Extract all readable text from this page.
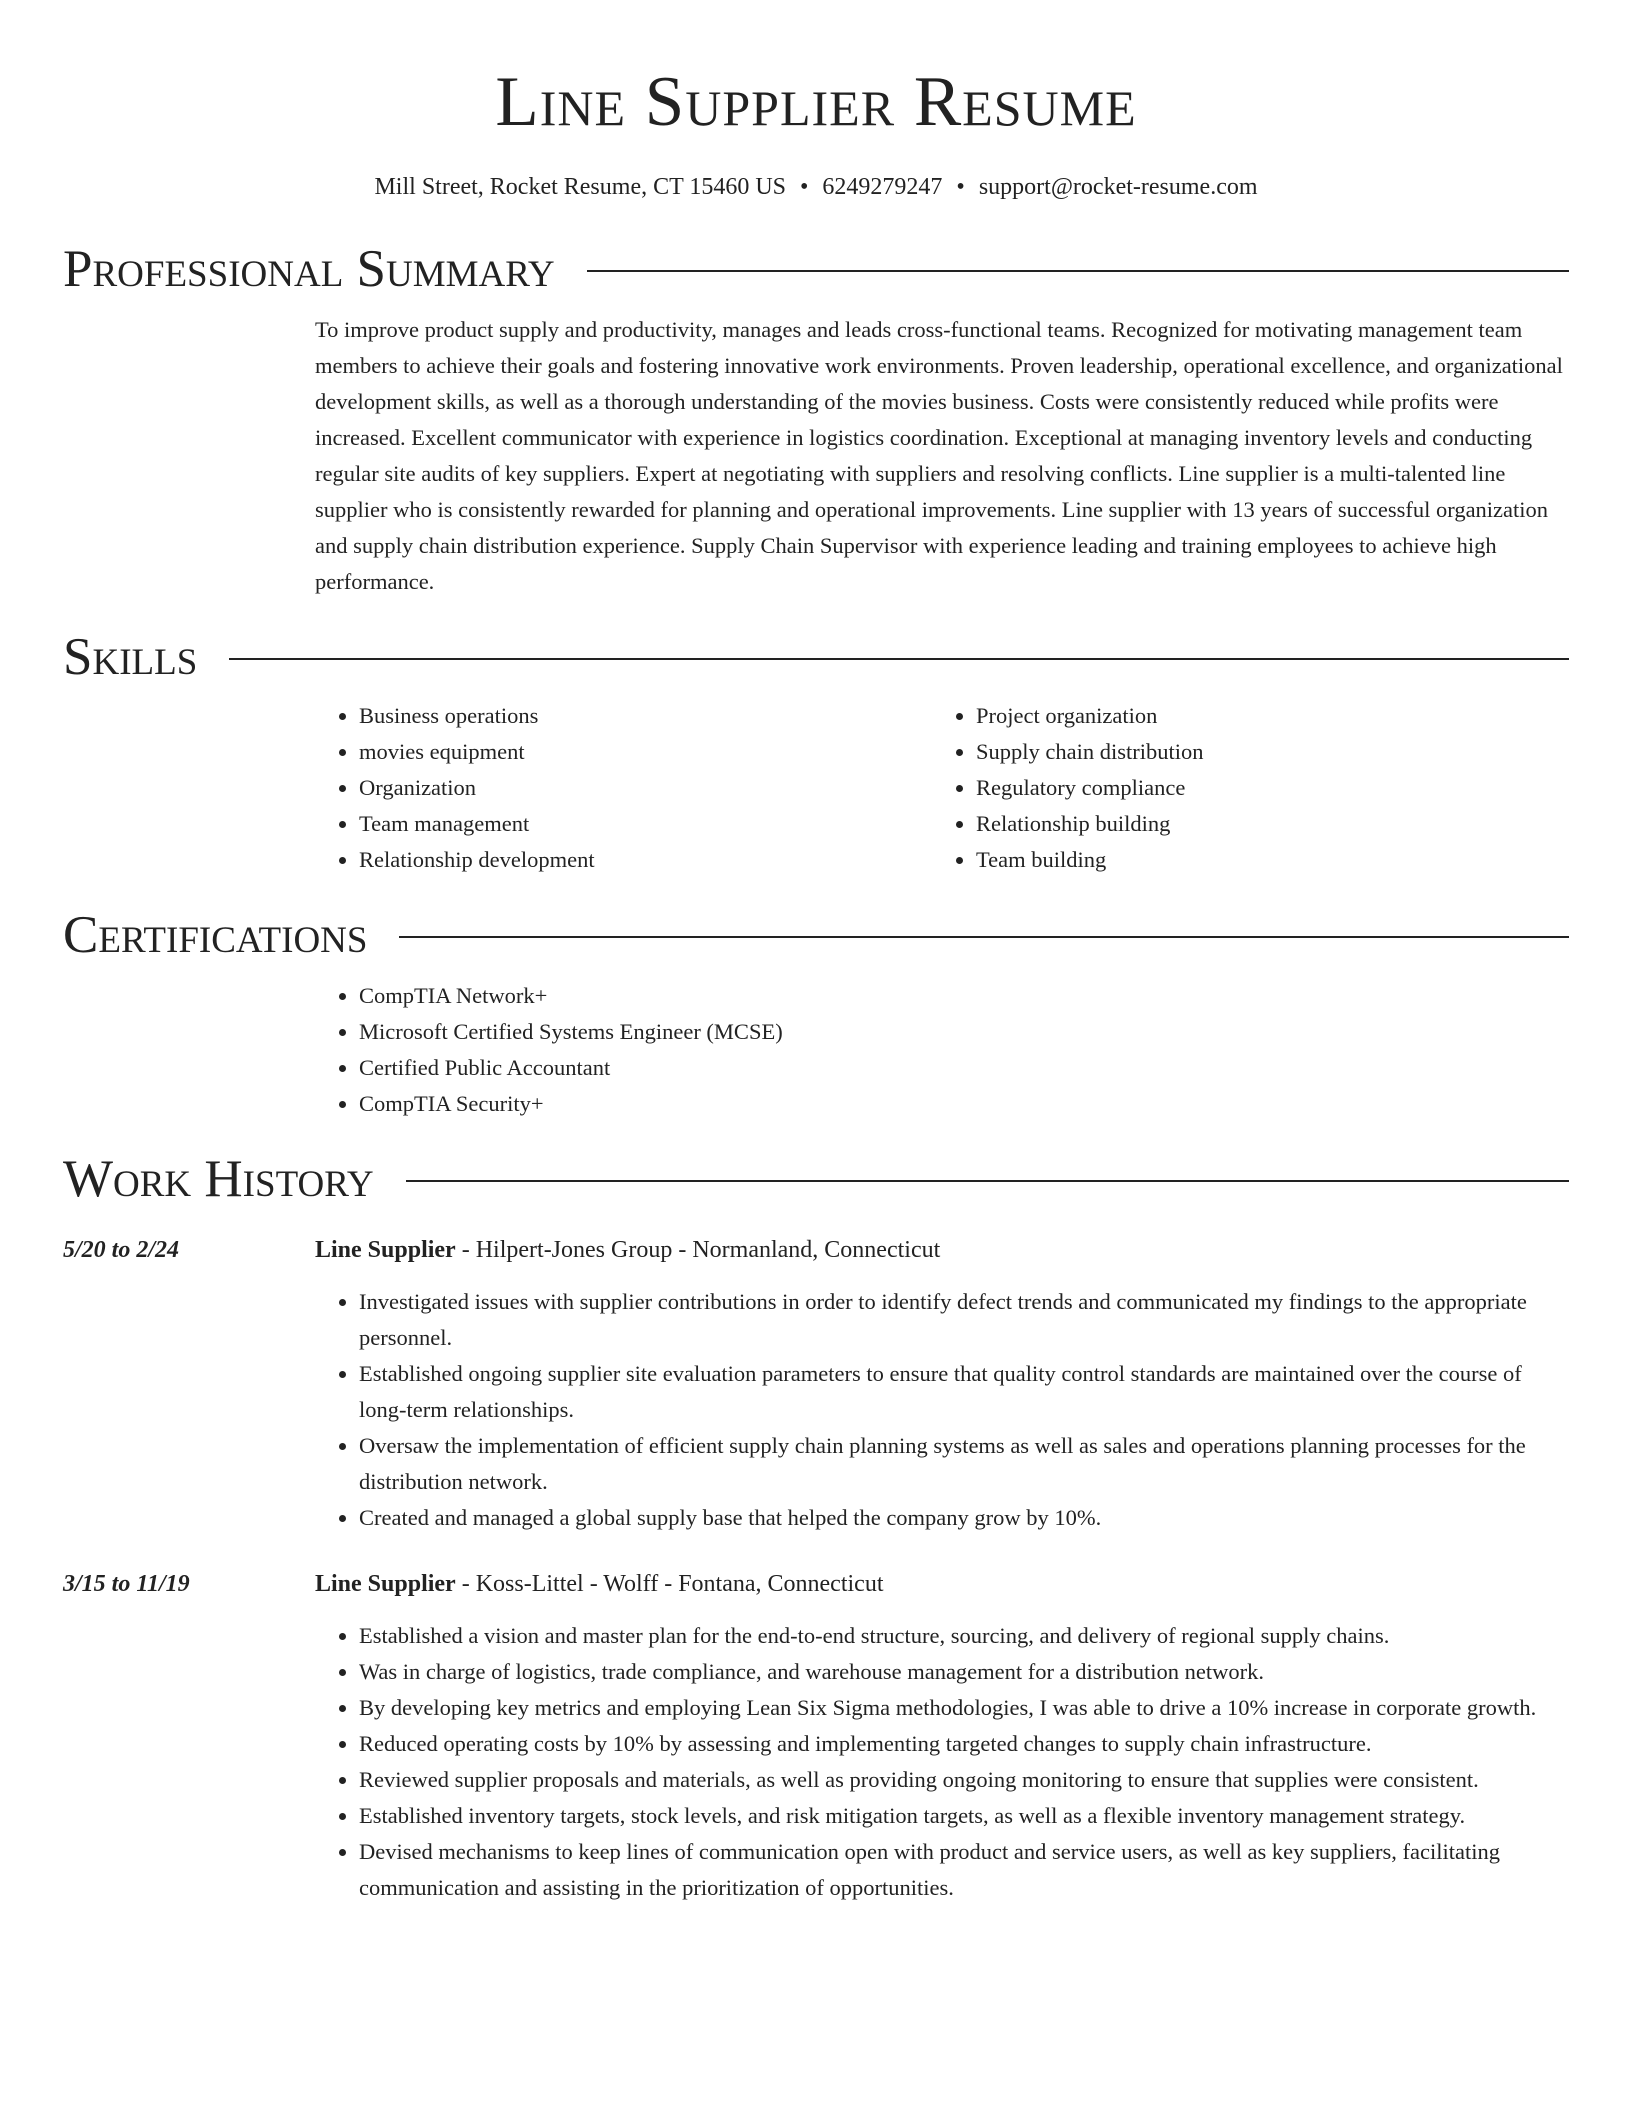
Line Supplier Resume
Mill Street, Rocket Resume, CT 15460 US • 6249279247 • support@rocket-resume.com
Professional Summary
To improve product supply and productivity, manages and leads cross-functional teams. Recognized for motivating management team members to achieve their goals and fostering innovative work environments. Proven leadership, operational excellence, and organizational development skills, as well as a thorough understanding of the movies business. Costs were consistently reduced while profits were increased. Excellent communicator with experience in logistics coordination. Exceptional at managing inventory levels and conducting regular site audits of key suppliers. Expert at negotiating with suppliers and resolving conflicts. Line supplier is a multi-talented line supplier who is consistently rewarded for planning and operational improvements. Line supplier with 13 years of successful organization and supply chain distribution experience. Supply Chain Supervisor with experience leading and training employees to achieve high performance.
Skills
• Business operations
• movies equipment
• Organization
• Team management
• Relationship development
• Project organization
• Supply chain distribution
• Regulatory compliance
• Relationship building
• Team building
Certifications
• CompTIA Network+
• Microsoft Certified Systems Engineer (MCSE)
• Certified Public Accountant
• CompTIA Security+
Work History
5/20 to 2/24	Line Supplier - Hilpert-Jones Group - Normanland, Connecticut
• Investigated issues with supplier contributions in order to identify defect trends and communicated my findings to the appropriate personnel.
• Established ongoing supplier site evaluation parameters to ensure that quality control standards are maintained over the course of long-term relationships.
• Oversaw the implementation of efficient supply chain planning systems as well as sales and operations planning processes for the distribution network.
• Created and managed a global supply base that helped the company grow by 10%.
3/15 to 11/19	Line Supplier - Koss-Littel - Wolff - Fontana, Connecticut
• Established a vision and master plan for the end-to-end structure, sourcing, and delivery of regional supply chains.
• Was in charge of logistics, trade compliance, and warehouse management for a distribution network.
• By developing key metrics and employing Lean Six Sigma methodologies, I was able to drive a 10% increase in corporate growth.
• Reduced operating costs by 10% by assessing and implementing targeted changes to supply chain infrastructure.
• Reviewed supplier proposals and materials, as well as providing ongoing monitoring to ensure that supplies were consistent.
• Established inventory targets, stock levels, and risk mitigation targets, as well as a flexible inventory management strategy.
• Devised mechanisms to keep lines of communication open with product and service users, as well as key suppliers, facilitating communication and assisting in the prioritization of opportunities.
